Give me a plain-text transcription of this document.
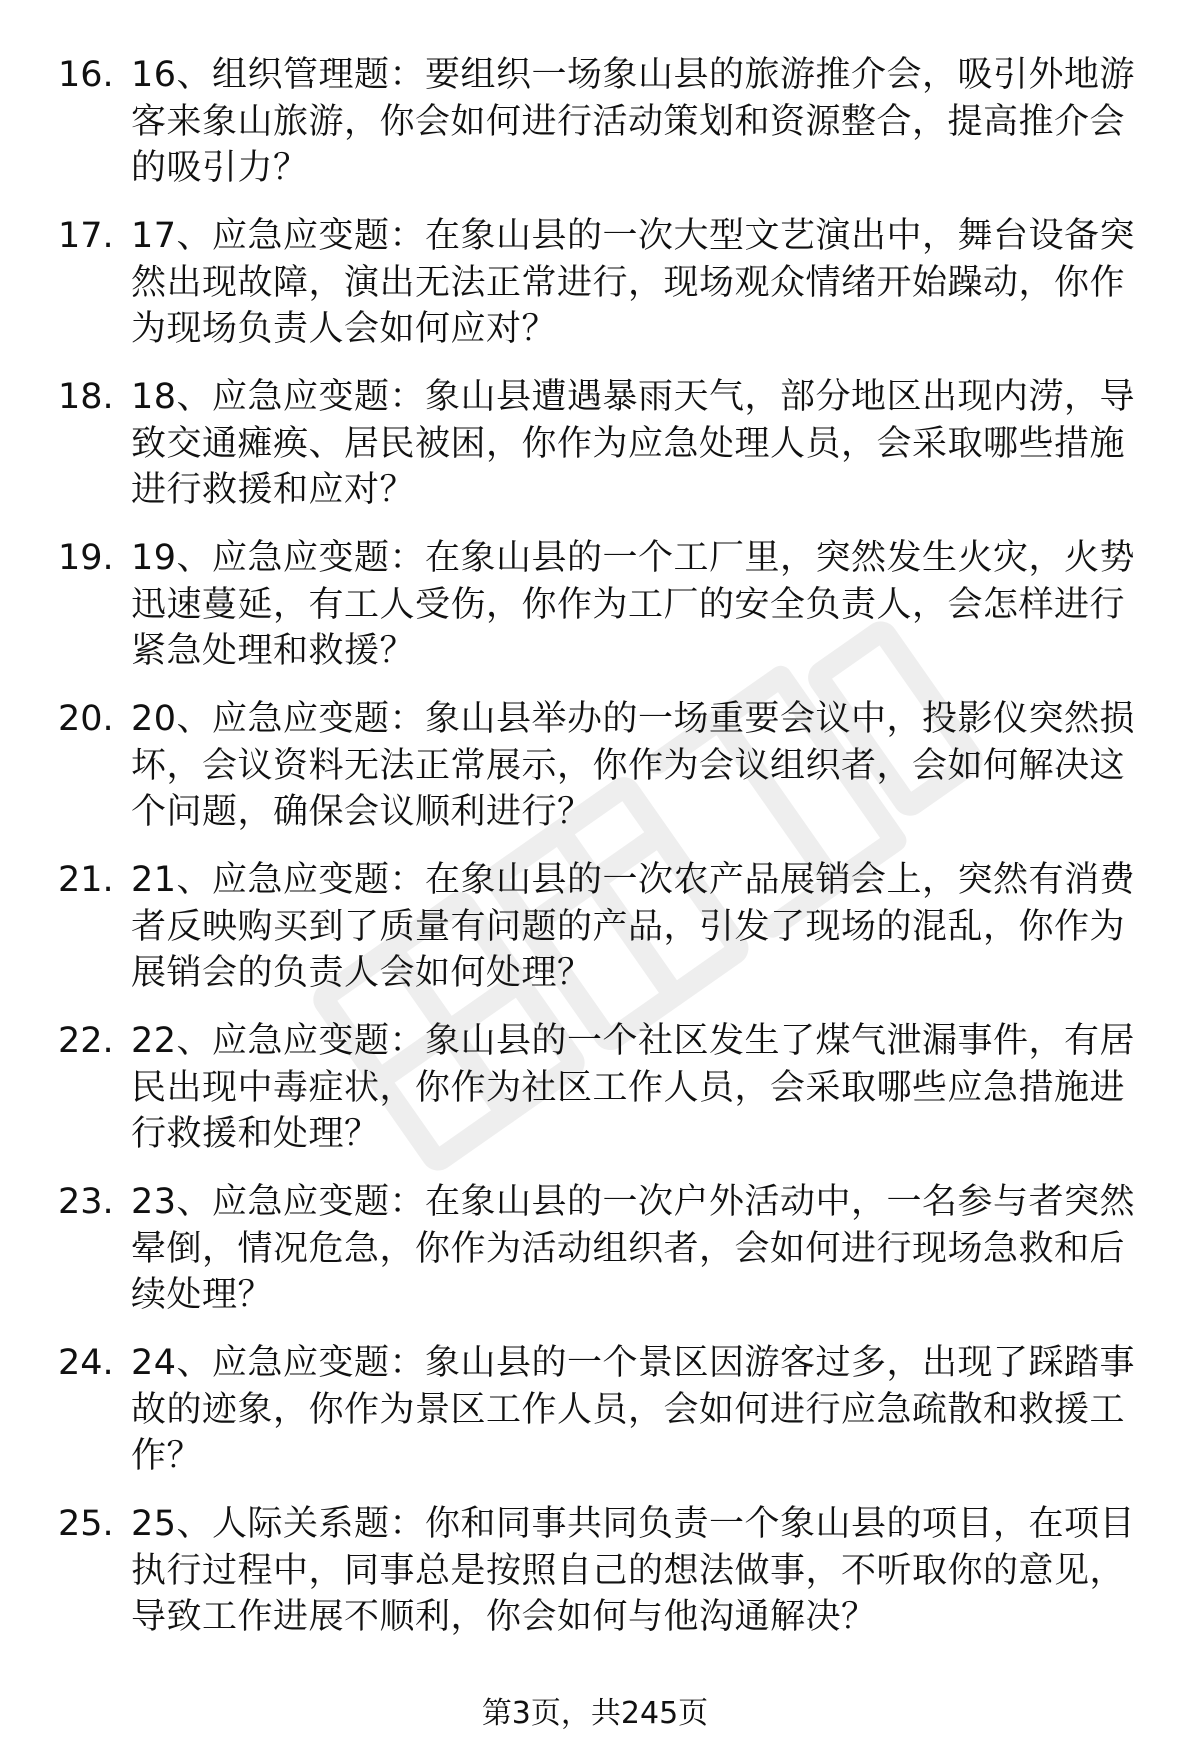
16. 16、组织管理题：要组织一场象山县的旅游推介会，吸引外地游客来象山旅游，你会如何进行活动策划和资源整合，提高推介会的吸引力？
17. 17、应急应变题：在象山县的一次大型文艺演出中，舞台设备突然出现故障，演出无法正常进行，现场观众情绪开始躁动，你作为现场负责人会如何应对？
18. 18、应急应变题：象山县遭遇暴雨天气，部分地区出现内涝，导致交通瘫痪、居民被困，你作为应急处理人员，会采取哪些措施进行救援和应对？
19. 19、应急应变题：在象山县的一个工厂里，突然发生火灾，火势迅速蔓延，有工人受伤，你作为工厂的安全负责人，会怎样进行紧急处理和救援？
20. 20、应急应变题：象山县举办的一场重要会议中，投影仪突然损坏，会议资料无法正常展示，你作为会议组织者，会如何解决这个问题，确保会议顺利进行？
21. 21、应急应变题：在象山县的一次农产品展销会上，突然有消费者反映购买到了质量有问题的产品，引发了现场的混乱，你作为展销会的负责人会如何处理？
22. 22、应急应变题：象山县的一个社区发生了煤气泄漏事件，有居民出现中毒症状，你作为社区工作人员，会采取哪些应急措施进行救援和处理？
23. 23、应急应变题：在象山县的一次户外活动中，一名参与者突然晕倒，情况危急，你作为活动组织者，会如何进行现场急救和后续处理？
24. 24、应急应变题：象山县的一个景区因游客过多，出现了踩踏事故的迹象，你作为景区工作人员，会如何进行应急疏散和救援工作？
25. 25、人际关系题：你和同事共同负责一个象山县的项目，在项目执行过程中，同事总是按照自己的想法做事，不听取你的意见，导致工作进展不顺利，你会如何与他沟通解决？
第3页，共245页
